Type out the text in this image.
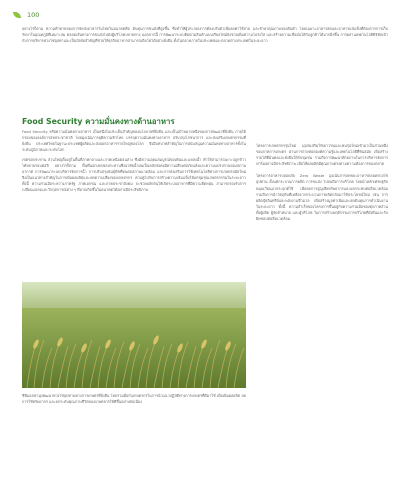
100
อย่างไรก็ตาม ความท้าทายของการจัดส่งอาหารในไทยในอนาคตคือ ต้นทุนการขนส่งที่สูงขึ้น ซึ่งทำให้ผู้ประกอบการต้องปรับตัวเพื่อลดค่าใช้จ่าย และรักษาคุณภาพของสินค้า โดยเฉพาะอาหารสดและอาหารแช่แข็งที่ต้องการการเก็บรักษาในอุณหภูมิที่เหมาะสม ตลอดเส้นทางการขนส่งไปยังผู้บริโภคปลายทาง นอกจากนี้ การพัฒนาระบบติดตามสินค้าแบบเรียลไทม์ยังช่วยเพิ่มความโปร่งใส และสร้างความเชื่อมั่นให้กับลูกค้าได้มากยิ่งขึ้น การผสานเทคโนโลยีดิจิทัลเข้ากับการบริหารห่วงโซ่อุปทานจะเป็นปัจจัยสำคัญที่ช่วยให้ธุรกิจอาหารสามารถเติบโตได้อย่างยั่งยืน ทั้งในตลาดภายในประเทศและตลาดต่างประเทศในระยะยาว
Food Security ความมั่นคงทางด้านอาหาร

Food Security หรือความมั่นคงทางอาหาร เป็นหนึ่งในประเด็นสำคัญของนโยบายที่ยั่งยืน และเป็นเป้าหมายหนึ่งของการพัฒนาที่ยั่งยืน ภายใต้กรอบขององค์การสหประชาชาติ โดยมุ่งเน้นการยุติความหิวโหย บรรลุความมั่นคงทางอาหาร ปรับปรุงโภชนาการ และส่งเสริมเกษตรกรรมที่ยั่งยืน ประเทศไทยในฐานะประเทศผู้ผลิตและส่งออกอาหารรายใหญ่ของโลก จึงมีบทบาทสำคัญในการสนับสนุนความมั่นคงทางอาหารทั้งในระดับภูมิภาคและระดับโลก

เขตชลประทาน ส่วนใหญ่ตั้งอยู่ในพื้นที่ภาคกลางและภาคเหนือตอนล่าง ซึ่งมีความอุดมสมบูรณ์ของดินและแหล่งน้ำ ทำให้สามารถเพาะปลูกข้าวได้หลายรอบต่อปี อย่างไรก็ตาม พื้นที่นอกเขตชลประทานซึ่งอาศัยน้ำฝนเป็นหลักยังคงมีความเสี่ยงต่อภัยแล้งและความแปรปรวนของสภาพอากาศ การพัฒนาระบบบริหารจัดการน้ำ การปรับปรุงพันธุ์พืชที่ทนต่อสภาพแวดล้อม และการส่งเสริมการใช้เทคโนโลยีทางการเกษตรสมัยใหม่ จึงเป็นแนวทางสำคัญในการเพิ่มผลผลิตและลดความเสี่ยงของเกษตรกร ควบคู่ไปกับการสร้างความเข้มแข็งให้แก่ชุมชนเกษตรกรรมในระยะยาว ทั้งนี้ ความร่วมมือระหว่างภาครัฐ ภาคเอกชน และภาคประชาสังคม จะช่วยผลักดันให้เกิดระบบอาหารที่มีความยืดหยุ่น สามารถรองรับการเปลี่ยนแปลงและวิกฤตการณ์ต่าง ๆ ที่อาจเกิดขึ้นในอนาคตได้อย่างมีประสิทธิภาพ

ซีพีแอลฟ่ามุ่งพัฒนาห่วงโซ่อุปทานทางการเกษตรที่ยั่งยืน โดยร่วมมือกับเกษตรกรในการนำแนวปฏิบัติทางการเกษตรที่ดีมาใช้ เพื่อเพิ่มผลผลิต ลดการใช้ทรัพยากร และยกระดับคุณภาพชีวิตของเกษตรกรให้ดีขึ้นอย่างต่อเนื่อง

โครงการเกษตรกรรุ่นใหม่ มุ่งส่งเสริมให้เยาวชนและคนรุ่นใหม่เข้ามาเป็นส่วนหนึ่งของภาคการเกษตร ผ่านการถ่ายทอดองค์ความรู้และเทคโนโลยีที่ทันสมัย เพื่อสร้างรายได้ที่มั่นคงและยั่งยืนให้กับชุมชน รวมถึงการพัฒนาศักยภาพในการบริหารจัดการฟาร์มอย่างมีประสิทธิภาพ เพื่อให้ผลผลิตมีคุณภาพตรงตามความต้องการของตลาด

โครงการอาหารปลอดภัย Zero Waste มุ่งเน้นการลดขยะอาหารตลอดห่วงโซ่อุปทาน ตั้งแต่กระบวนการผลิต การขนส่ง ไปจนถึงการบริโภค โดยนำหลักเศรษฐกิจหมุนเวียนมาประยุกต์ใช้ เพื่อลดการสูญเสียทรัพยากรและผลกระทบต่อสิ่งแวดล้อม รวมถึงการนำวัตถุดิบที่เหลือจากกระบวนการผลิตกลับมาใช้ประโยชน์ใหม่ เช่น การผลิตปุ๋ยอินทรีย์และพลังงานชีวมวล เพื่อสร้างมูลค่าเพิ่มและลดต้นทุนการดำเนินงานในระยะยาว ทั้งนี้ ความสำเร็จของโครงการขึ้นอยู่กับความร่วมมือของทุกภาคส่วน ทั้งผู้ผลิต ผู้จัดจำหน่าย และผู้บริโภค ในการสร้างพฤติกรรมการบริโภคที่ยั่งยืนและรับผิดชอบต่อสิ่งแวดล้อม
